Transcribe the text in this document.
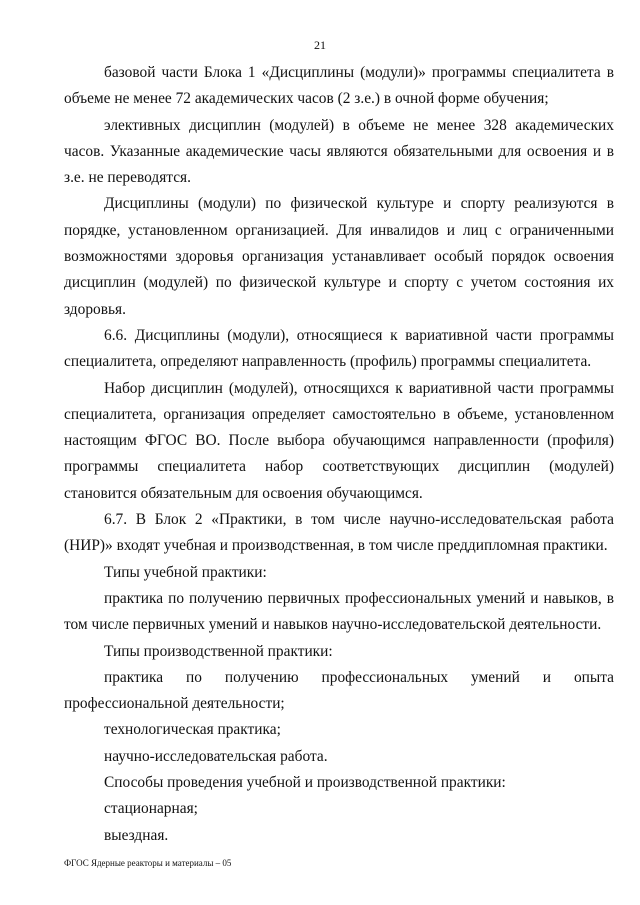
21

базовой части Блока 1 «Дисциплины (модули)» программы специалитета в объеме не менее 72 академических часов (2 з.е.) в очной форме обучения;

элективных дисциплин (модулей) в объеме не менее 328 академических часов. Указанные академические часы являются обязательными для освоения и в з.е. не переводятся.

Дисциплины (модули) по физической культуре и спорту реализуются в порядке, установленном организацией. Для инвалидов и лиц с ограниченными возможностями здоровья организация устанавливает особый порядок освоения дисциплин (модулей) по физической культуре и спорту с учетом состояния их здоровья.

6.6. Дисциплины (модули), относящиеся к вариативной части программы специалитета, определяют направленность (профиль) программы специалитета.

Набор дисциплин (модулей), относящихся к вариативной части программы специалитета, организация определяет самостоятельно в объеме, установленном настоящим ФГОС ВО. После выбора обучающимся направленности (профиля) программы специалитета набор соответствующих дисциплин (модулей) становится обязательным для освоения обучающимся.

6.7. В Блок 2 «Практики, в том числе научно-исследовательская работа (НИР)» входят учебная и производственная, в том числе преддипломная практики.

Типы учебной практики:

практика по получению первичных профессиональных умений и навыков, в том числе первичных умений и навыков научно-исследовательской деятельности.

Типы производственной практики:

практика по получению профессиональных умений и опыта профессиональной деятельности;

технологическая практика;

научно-исследовательская работа.

Способы проведения учебной и производственной практики:

стационарная;

выездная.

ФГОС Ядерные реакторы и материалы – 05
